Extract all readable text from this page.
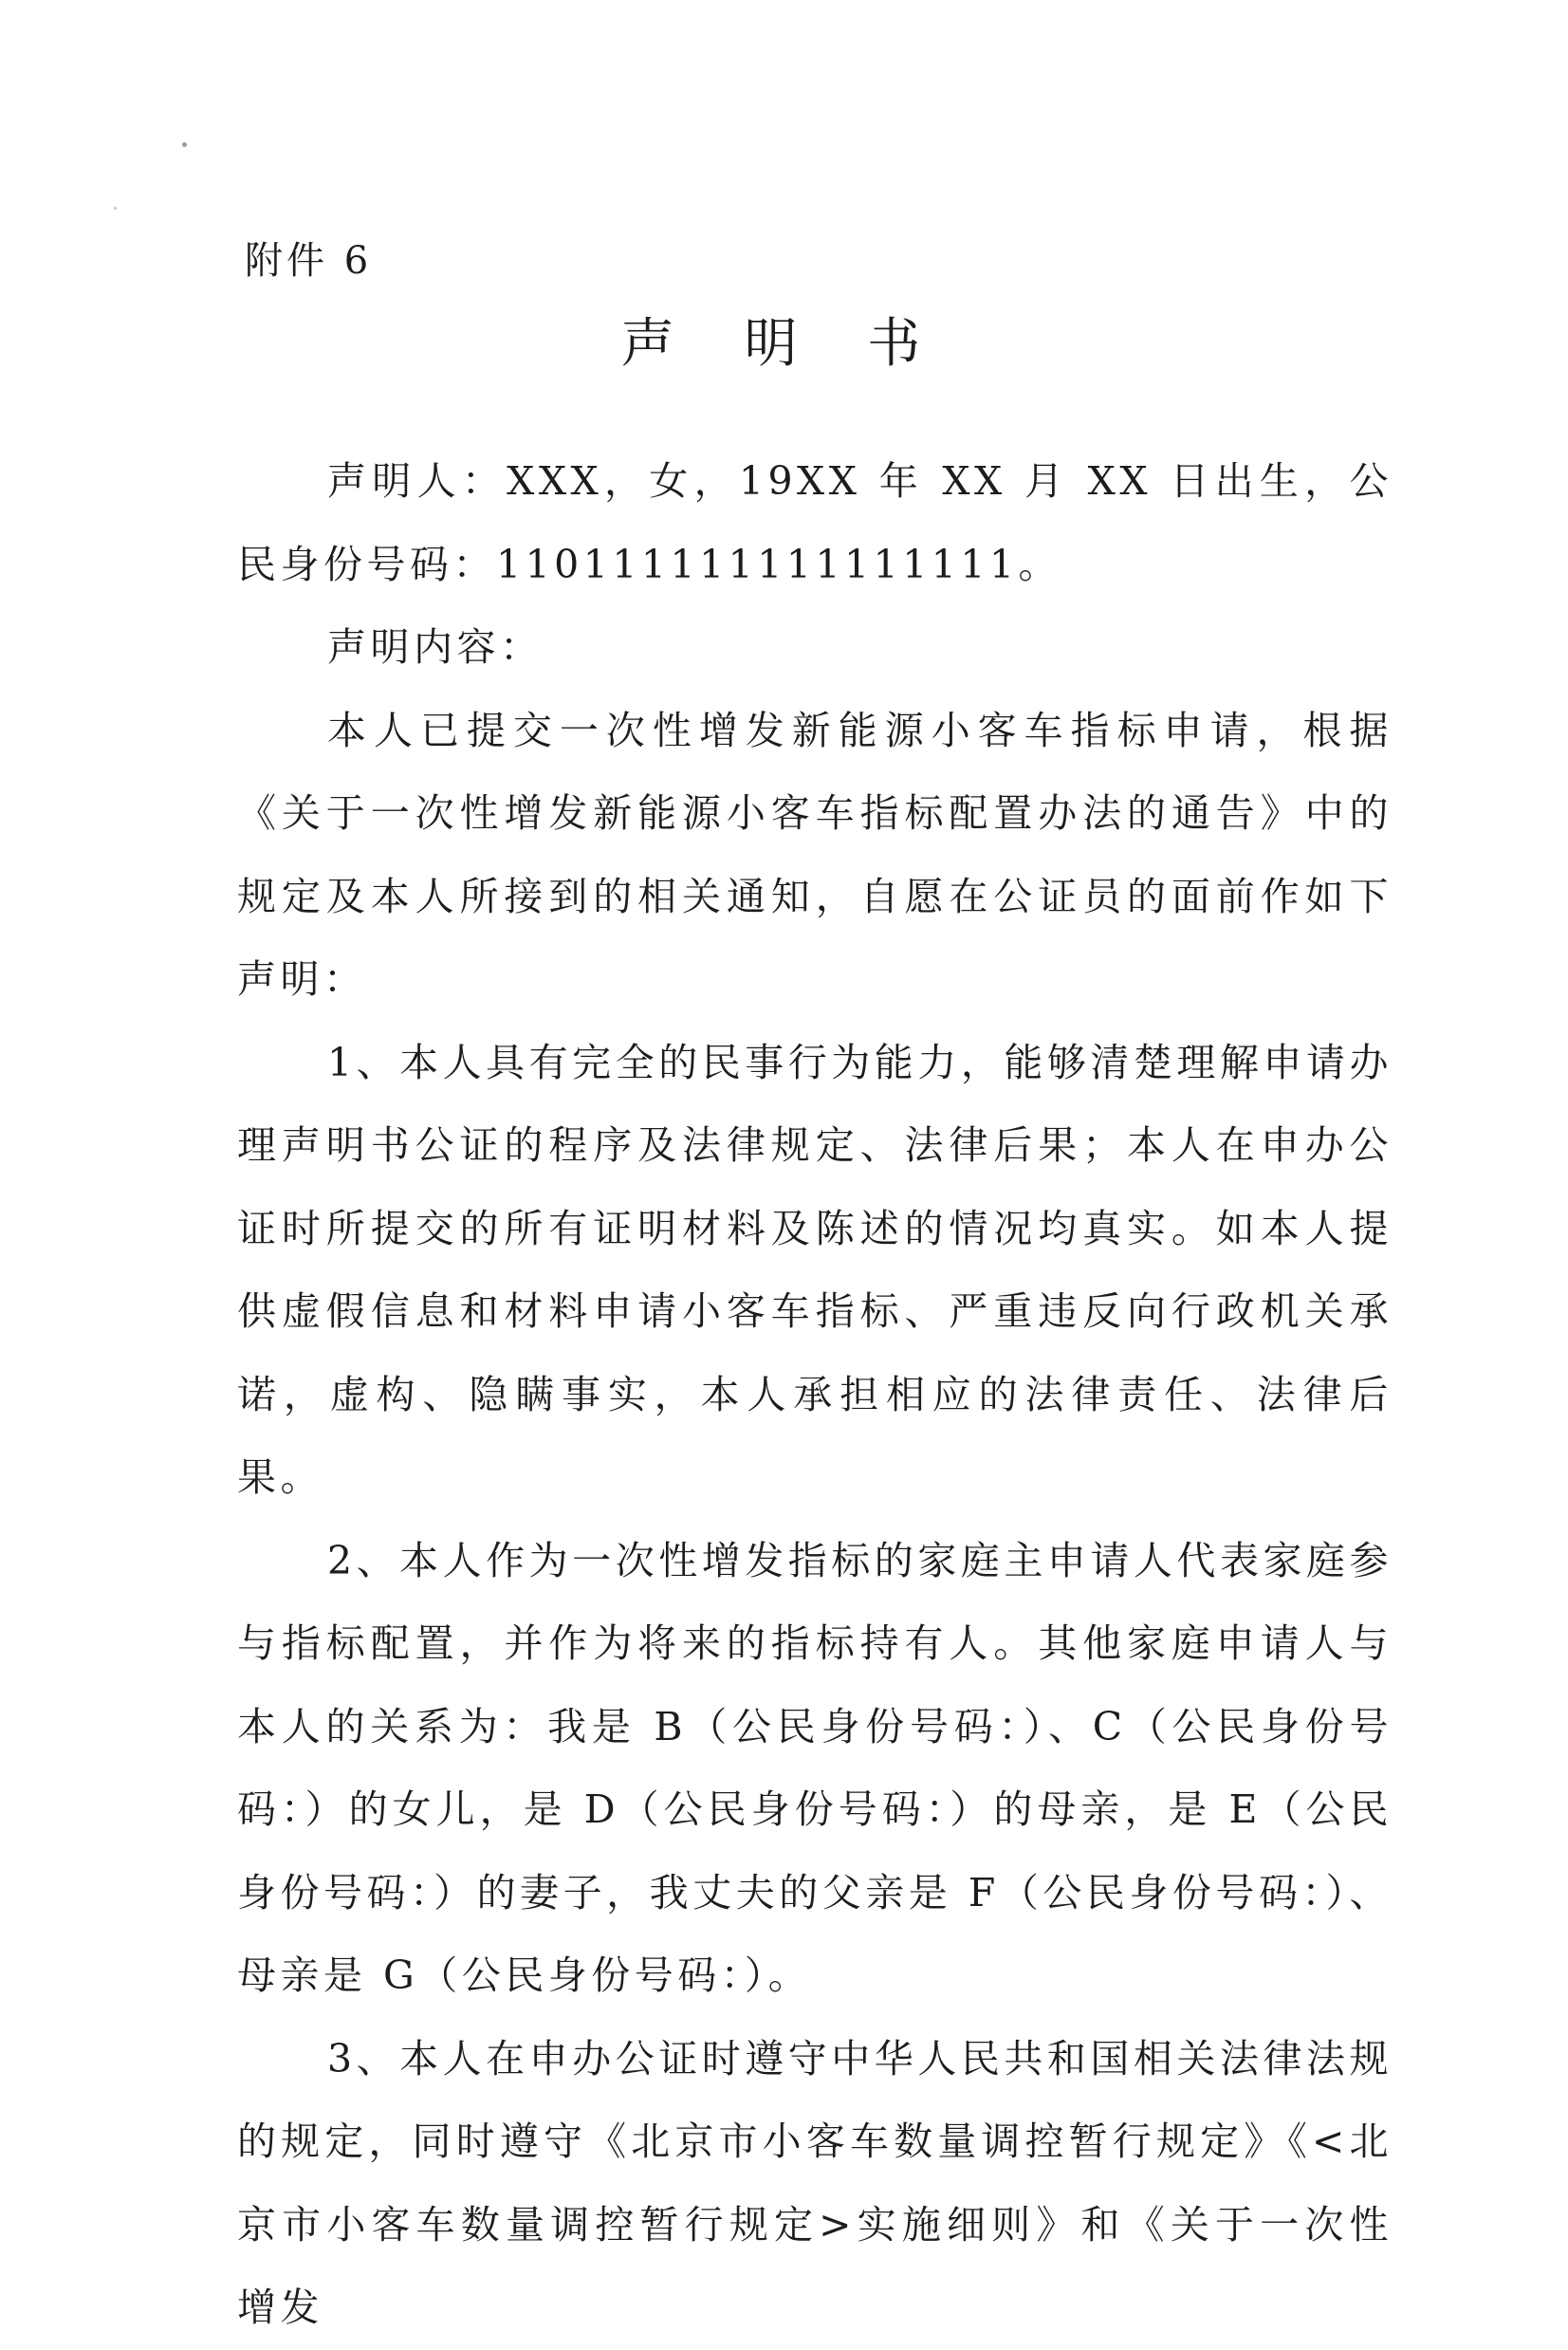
附件 6
声 明 书

声明人：XXX，女，19XX 年 XX 月 XX 日出生，公民身份号码：110111111111111111。

声明内容：

本人已提交一次性增发新能源小客车指标申请，根据《关于一次性增发新能源小客车指标配置办法的通告》中的规定及本人所接到的相关通知，自愿在公证员的面前作如下声明：

1、本人具有完全的民事行为能力，能够清楚理解申请办理声明书公证的程序及法律规定、法律后果；本人在申办公证时所提交的所有证明材料及陈述的情况均真实。如本人提供虚假信息和材料申请小客车指标、严重违反向行政机关承诺，虚构、隐瞒事实，本人承担相应的法律责任、法律后果。

2、本人作为一次性增发指标的家庭主申请人代表家庭参与指标配置，并作为将来的指标持有人。其他家庭申请人与本人的关系为：我是 B（公民身份号码：）、C（公民身份号码：）的女儿，是 D（公民身份号码：）的母亲，是 E（公民身份号码：）的妻子，我丈夫的父亲是 F（公民身份号码：）、母亲是 G（公民身份号码：）。

3、本人在申办公证时遵守中华人民共和国相关法律法规的规定，同时遵守《北京市小客车数量调控暂行规定》《<北京市小客车数量调控暂行规定>实施细则》和《关于一次性增发
